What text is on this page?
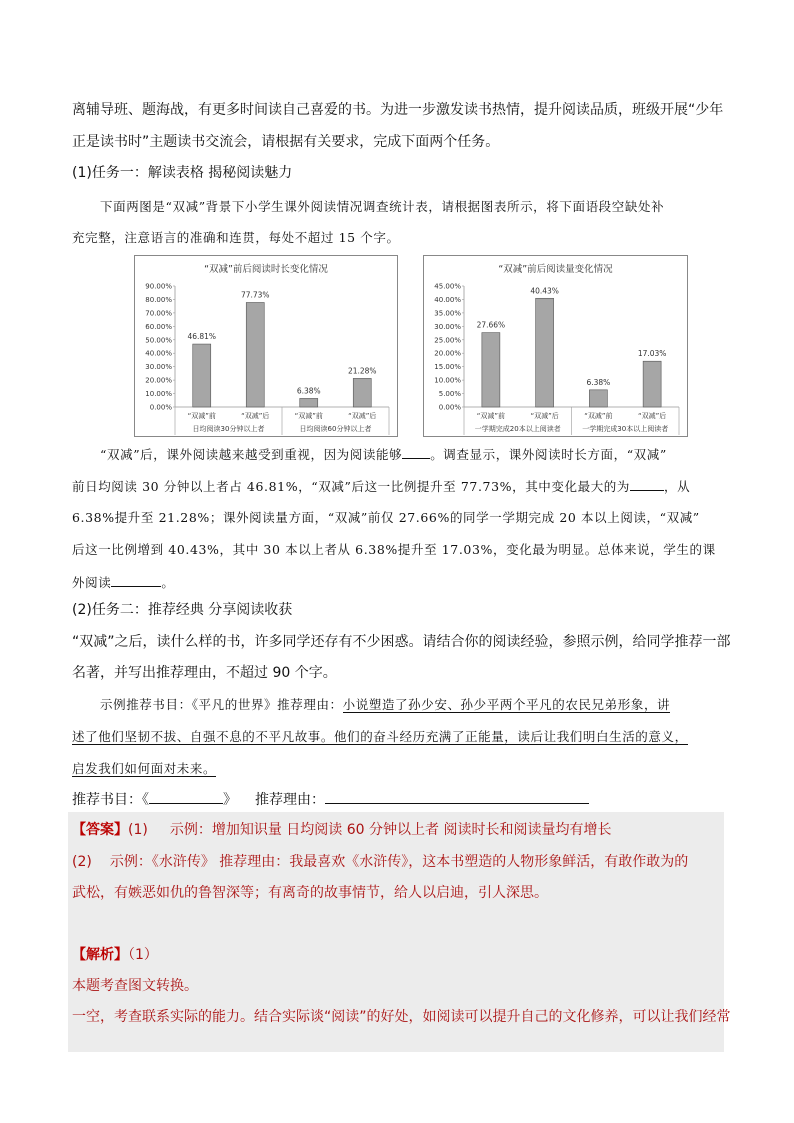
离辅导班、题海战，有更多时间读自己喜爱的书。为进一步激发读书热情，提升阅读品质，班级开展“少年
正是读书时”主题读书交流会，请根据有关要求，完成下面两个任务。
(1)任务一：解读表格 揭秘阅读魅力
下面两图是“双减”背景下小学生课外阅读情况调查统计表，请根据图表所示，将下面语段空缺处补
充完整，注意语言的准确和连贯，每处不超过 15 个字。
“双减”前后阅读时长变化情况
90.00%
80.00%
70.00%
60.00%
50.00%
40.00%
30.00%
20.00%
10.00%
0.00%
46.81%
“双减”前
77.73%
“双减”后
6.38%
“双减”前
21.28%
“双减”后
日均阅读30分钟以上者	日均阅读60分钟以上者
“双减”前后阅读量变化情况
45.00%
40.00%
35.00%
30.00%
25.00%
20.00%
15.00%
10.00%
5.00%
0.00%
27.66%
“双减”前
40.43%
“双减”后
6.38%
“双减”前
17.03%
“双减”后
一学期完成20本以上阅读者	一学期完成30本以上阅读者
“双减”后，课外阅读越来越受到重视，因为阅读能够 。调查显示，课外阅读时长方面，“双减”
前日均阅读 30 分钟以上者占 46.81%，“双减”后这一比例提升至 77.73%，其中变化最大的为	，从
6.38%提升至 21.28%；课外阅读量方面，“双减”前仅 27.66%的同学一学期完成 20 本以上阅读，“双减”
后这一比例增到 40.43%，其中 30 本以上者从 6.38%提升至 17.03%，变化最为明显。总体来说，学生的课
外阅读	。
(2)任务二：推荐经典 分享阅读收获
“双减”之后，读什么样的书，许多同学还存有不少困惑。请结合你的阅读经验，参照示例，给同学推荐一部
名著，并写出推荐理由，不超过 90 个字。
示例推荐书目：《平凡的世界》推荐理由：小说塑造了孙少安、孙少平两个平凡的农民兄弟形象，讲
述了他们坚韧不拔、自强不息的不平凡故事。他们的奋斗经历充满了正能量，读后让我们明白生活的意义，
启发我们如何面对未来。
推荐书目：《	》 推荐理由：
【答案】(1) 示例：增加知识量 日均阅读 60 分钟以上者 阅读时长和阅读量均有增长
(2) 示例：《水浒传》 推荐理由：我最喜欢《水浒传》，这本书塑造的人物形象鲜活，有敢作敢为的
武松，有嫉恶如仇的鲁智深等；有离奇的故事情节，给人以启迪，引人深思。
【解析】（1）
本题考查图文转换。
一空，考查联系实际的能力。结合实际谈“阅读”的好处，如阅读可以提升自己的文化修养，可以让我们经常
